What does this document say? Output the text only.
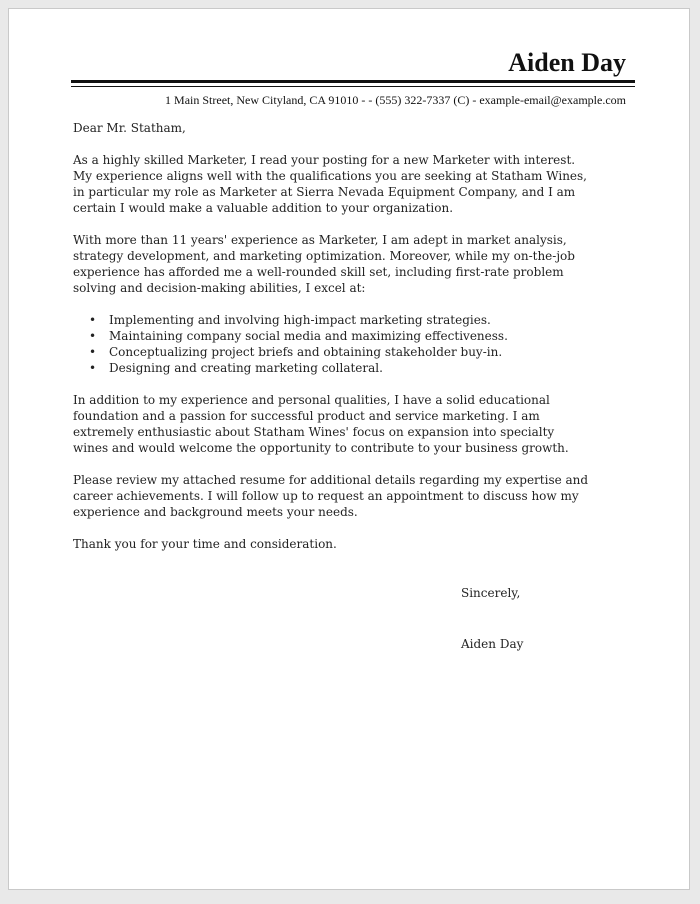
Aiden Day
1 Main Street, New Cityland, CA 91010 - - (555) 322-7337 (C) - example-email@example.com

Dear Mr. Statham,

As a highly skilled Marketer, I read your posting for a new Marketer with interest.
My experience aligns well with the qualifications you are seeking at Statham Wines,
in particular my role as Marketer at Sierra Nevada Equipment Company, and I am
certain I would make a valuable addition to your organization.

With more than 11 years' experience as Marketer, I am adept in market analysis,
strategy development, and marketing optimization. Moreover, while my on-the-job
experience has afforded me a well-rounded skill set, including first-rate problem
solving and decision-making abilities, I excel at:

• Implementing and involving high-impact marketing strategies.
• Maintaining company social media and maximizing effectiveness.
• Conceptualizing project briefs and obtaining stakeholder buy-in.
• Designing and creating marketing collateral.

In addition to my experience and personal qualities, I have a solid educational
foundation and a passion for successful product and service marketing. I am
extremely enthusiastic about Statham Wines' focus on expansion into specialty
wines and would welcome the opportunity to contribute to your business growth.

Please review my attached resume for additional details regarding my expertise and
career achievements. I will follow up to request an appointment to discuss how my
experience and background meets your needs.

Thank you for your time and consideration.

Sincerely,
Aiden Day
